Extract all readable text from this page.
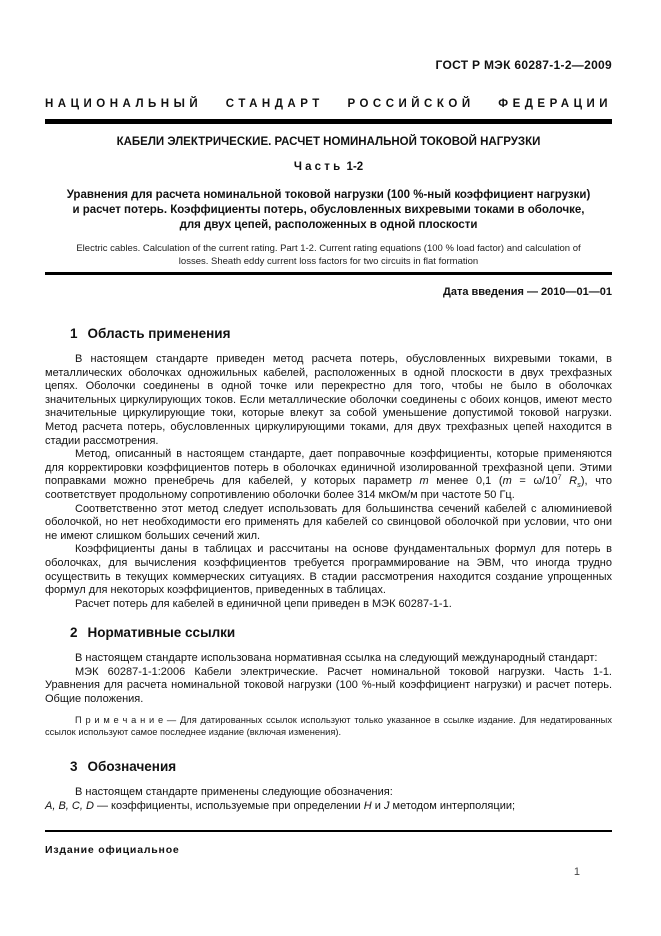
ГОСТ Р МЭК 60287-1-2—2009
НАЦИОНАЛЬНЫЙ СТАНДАРТ РОССИЙСКОЙ ФЕДЕРАЦИИ
КАБЕЛИ ЭЛЕКТРИЧЕСКИЕ. РАСЧЕТ НОМИНАЛЬНОЙ ТОКОВОЙ НАГРУЗКИ
Ч а с т ь  1-2
Уравнения для расчета номинальной токовой нагрузки (100 %-ный коэффициент нагрузки)
и расчет потерь. Коэффициенты потерь, обусловленных вихревыми токами в оболочке,
для двух цепей, расположенных в одной плоскости
Electric cables. Calculation of the current rating. Part 1-2. Current rating equations (100 % load factor) and calculation of
losses. Sheath eddy current loss factors for two circuits in flat formation
Дата введения — 2010—01—01
1 Область применения

В настоящем стандарте приведен метод расчета потерь, обусловленных вихревыми токами, в металлических оболочках одножильных кабелей, расположенных в одной плоскости в двух трехфазных цепях. Оболочки соединены в одной точке или перекрестно для того, чтобы не было в оболочках значительных циркулирующих токов. Если металлические оболочки соединены с обоих концов, имеют место значительные циркулирующие токи, которые влекут за собой уменьшение допустимой токовой нагрузки. Метод расчета потерь, обусловленных циркулирующими токами, для двух трехфазных цепей находится в стадии рассмотрения.

Метод, описанный в настоящем стандарте, дает поправочные коэффициенты, которые применяются для корректировки коэффициентов потерь в оболочках единичной изолированной трехфазной цепи. Этими поправками можно пренебречь для кабелей, у которых параметр m менее 0,1 ($m = \omega/10^7$ $R_s$), что соответствует продольному сопротивлению оболочки более 314 мкОм/м при частоте 50 Гц.

Соответственно этот метод следует использовать для большинства сечений кабелей с алюминиевой оболочкой, но нет необходимости его применять для кабелей со свинцовой оболочкой при условии, что они не имеют слишком больших сечений жил.

Коэффициенты даны в таблицах и рассчитаны на основе фундаментальных формул для потерь в оболочках, для вычисления коэффициентов требуется программирование на ЭВМ, что иногда трудно осуществить в текущих коммерческих ситуациях. В стадии рассмотрения находится создание упрощенных формул для некоторых коэффициентов, приведенных в таблицах.

Расчет потерь для кабелей в единичной цепи приведен в МЭК 60287-1-1.

2 Нормативные ссылки

В настоящем стандарте использована нормативная ссылка на следующий международный стандарт:

МЭК 60287-1-1:2006 Кабели электрические. Расчет номинальной токовой нагрузки. Часть 1-1. Уравнения для расчета номинальной токовой нагрузки (100 %-ный коэффициент нагрузки) и расчет потерь. Общие положения.

П р и м е ч а н и е — Для датированных ссылок используют только указанное в ссылке издание. Для недатированных ссылок используют самое последнее издание (включая изменения).

3 Обозначения

В настоящем стандарте применены следующие обозначения:

A, B, C, D — коэффициенты, используемые при определении H и J методом интерполяции;

Издание официальное
1
